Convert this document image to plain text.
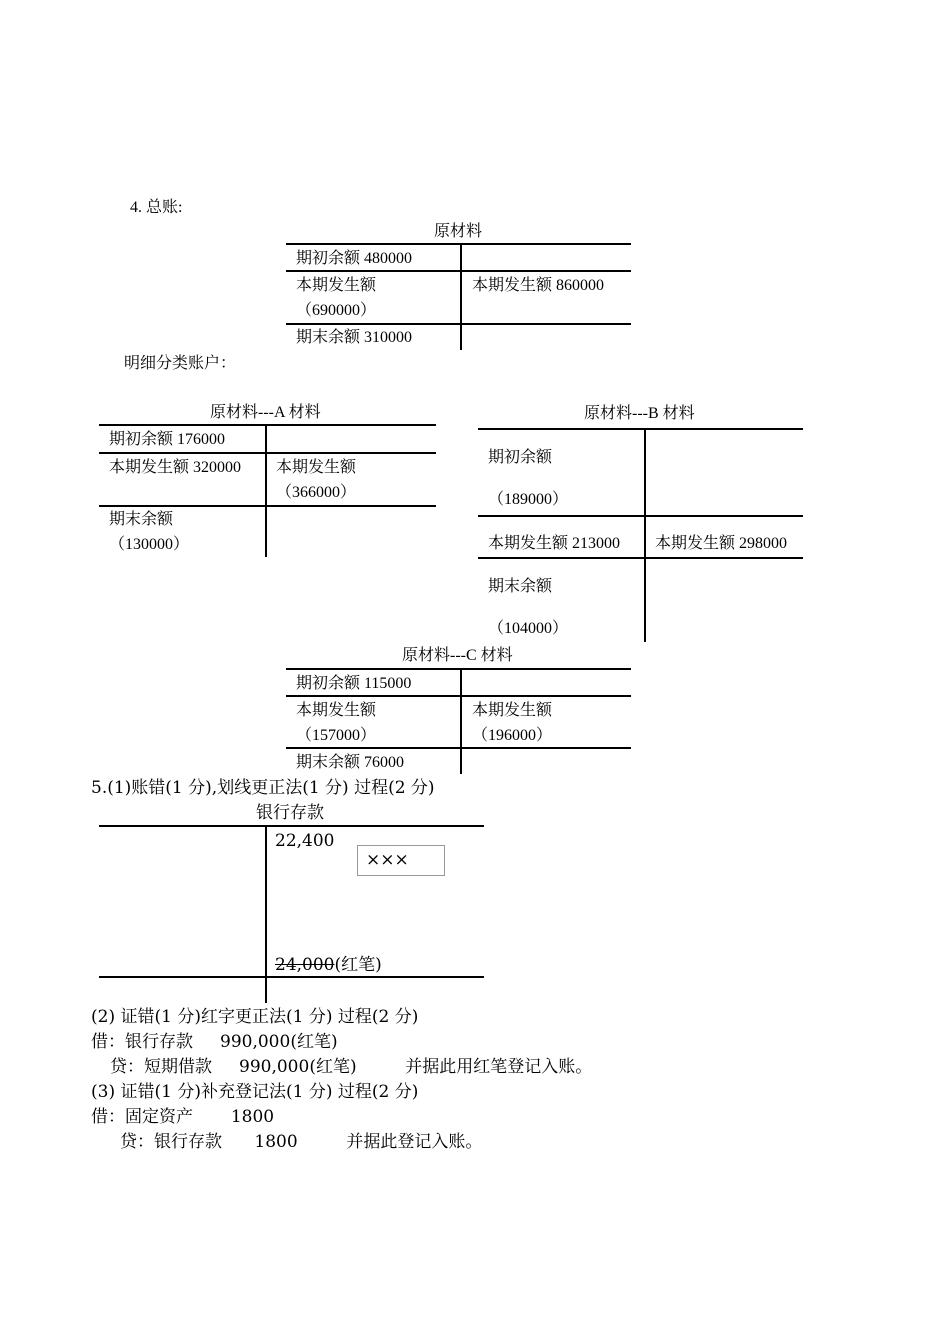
4. 总账:
原材料
期初余额 480000
本期发生额
（690000）
本期发生额 860000
期末余额 310000
明细分类账户：
原材料---A 材料
期初余额 176000
本期发生额 320000 本期发生额
（366000）
期末余额
（130000）
原材料---B 材料
期初余额
（189000）
本期发生额 213000 本期发生额 298000
期末余额
（104000）
原材料---C 材料
期初余额 115000
本期发生额
（157000）
本期发生额
（196000）
期末余额 76000
5.(1)账错(1 分),划线更正法(1 分) 过程(2 分)
银行存款
22,400
×××
24,000(红笔)
(2) 证错(1 分)红字更正法(1 分) 过程(2 分)
借：银行存款     990,000(红笔)
贷：短期借款     990,000(红笔)         并据此用红笔登记入账。
(3) 证错(1 分)补充登记法(1 分) 过程(2 分)
借：固定资产       1800
贷：银行存款      1800         并据此登记入账。
